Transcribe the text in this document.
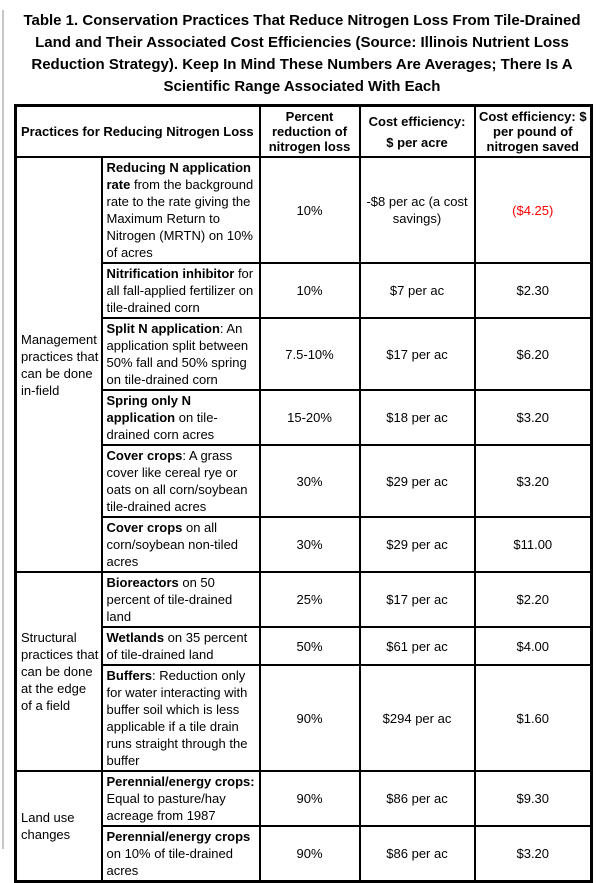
Table 1. Conservation Practices That Reduce Nitrogen Loss From Tile-Drained Land and Their Associated Cost Efficiencies (Source: Illinois Nutrient Loss Reduction Strategy). Keep In Mind These Numbers Are Averages; There Is A Scientific Range Associated With Each
Practices for Reducing Nitrogen Loss		Percent reduction of nitrogen loss	Cost efficiency: $ per acre	Cost efficiency: $ per pound of nitrogen saved
Management practices that can be done in-field	Reducing N application rate from the background rate to the rate giving the Maximum Return to Nitrogen (MRTN) on 10% of acres	10%	-$8 per ac (a cost savings)	($4.25)
	Nitrification inhibitor for all fall-applied fertilizer on tile-drained corn	10%	$7 per ac	$2.30
	Split N application: An application split between 50% fall and 50% spring on tile-drained corn	7.5-10%	$17 per ac	$6.20
	Spring only N application on tile-drained corn acres	15-20%	$18 per ac	$3.20
	Cover crops: A grass cover like cereal rye or oats on all corn/soybean tile-drained acres	30%	$29 per ac	$3.20
	Cover crops on all corn/soybean non-tiled acres	30%	$29 per ac	$11.00
Structural practices that can be done at the edge of a field	Bioreactors on 50 percent of tile-drained land	25%	$17 per ac	$2.20
	Wetlands on 35 percent of tile-drained land	50%	$61 per ac	$4.00
	Buffers: Reduction only for water interacting with buffer soil which is less applicable if a tile drain runs straight through the buffer	90%	$294 per ac	$1.60
Land use changes	Perennial/energy crops: Equal to pasture/hay acreage from 1987	90%	$86 per ac	$9.30
	Perennial/energy crops on 10% of tile-drained acres	90%	$86 per ac	$3.20
